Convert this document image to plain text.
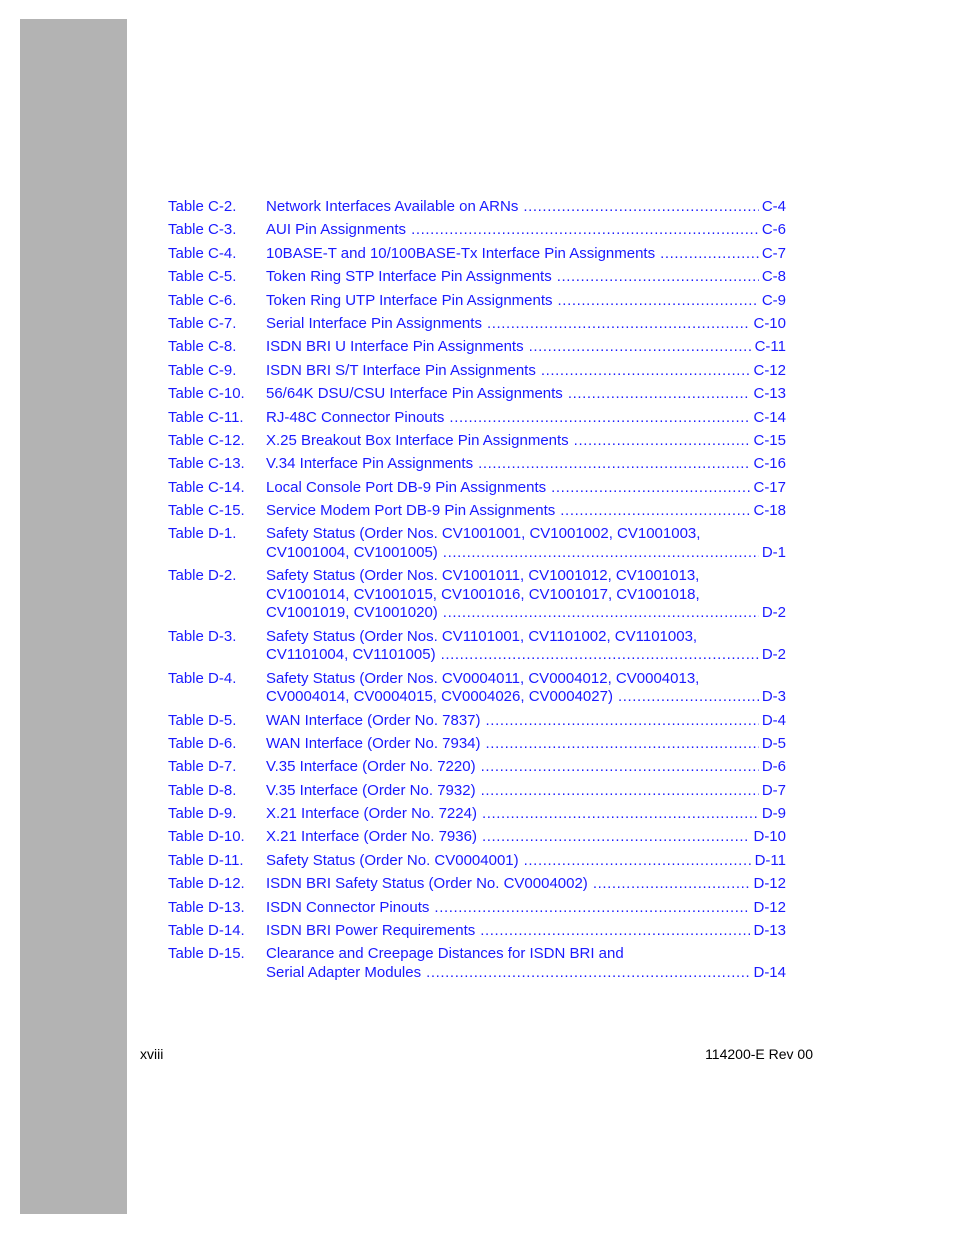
Table C-2.	Network Interfaces Available on ARNs .....	C-4
Table C-3.	AUI Pin Assignments .....	C-6
Table C-4.	10BASE-T and 10/100BASE-Tx Interface Pin Assignments .....	C-7
Table C-5.	Token Ring STP Interface Pin Assignments .....	C-8
Table C-6.	Token Ring UTP Interface Pin Assignments .....	C-9
Table C-7.	Serial Interface Pin Assignments .....	C-10
Table C-8.	ISDN BRI U Interface Pin Assignments .....	C-11
Table C-9.	ISDN BRI S/T Interface Pin Assignments .....	C-12
Table C-10.	56/64K DSU/CSU Interface Pin Assignments .....	C-13
Table C-11.	RJ-48C Connector Pinouts .....	C-14
Table C-12.	X.25 Breakout Box Interface Pin Assignments .....	C-15
Table C-13.	V.34 Interface Pin Assignments .....	C-16
Table C-14.	Local Console Port DB-9 Pin Assignments .....	C-17
Table C-15.	Service Modem Port DB-9 Pin Assignments .....	C-18
Table D-1.	Safety Status (Order Nos. CV1001001, CV1001002, CV1001003,
CV1001004, CV1001005) .....	D-1
Table D-2.	Safety Status (Order Nos. CV1001011, CV1001012, CV1001013,
CV1001014, CV1001015, CV1001016, CV1001017, CV1001018,
CV1001019, CV1001020) .....	D-2
Table D-3.	Safety Status (Order Nos. CV1101001, CV1101002, CV1101003,
CV1101004, CV1101005) .....	D-2
Table D-4.	Safety Status (Order Nos. CV0004011, CV0004012, CV0004013,
CV0004014, CV0004015, CV0004026, CV0004027) .....	D-3
Table D-5.	WAN Interface (Order No. 7837) .....	D-4
Table D-6.	WAN Interface (Order No. 7934) .....	D-5
Table D-7.	V.35 Interface (Order No. 7220) .....	D-6
Table D-8.	V.35 Interface (Order No. 7932) .....	D-7
Table D-9.	X.21 Interface (Order No. 7224) .....	D-9
Table D-10.	X.21 Interface (Order No. 7936) .....	D-10
Table D-11.	Safety Status (Order No. CV0004001) .....	D-11
Table D-12.	ISDN BRI Safety Status (Order No. CV0004002) .....	D-12
Table D-13.	ISDN Connector Pinouts .....	D-12
Table D-14.	ISDN BRI Power Requirements .....	D-13
Table D-15.	Clearance and Creepage Distances for ISDN BRI and
Serial Adapter Modules .....	D-14
xviii	114200-E Rev 00
